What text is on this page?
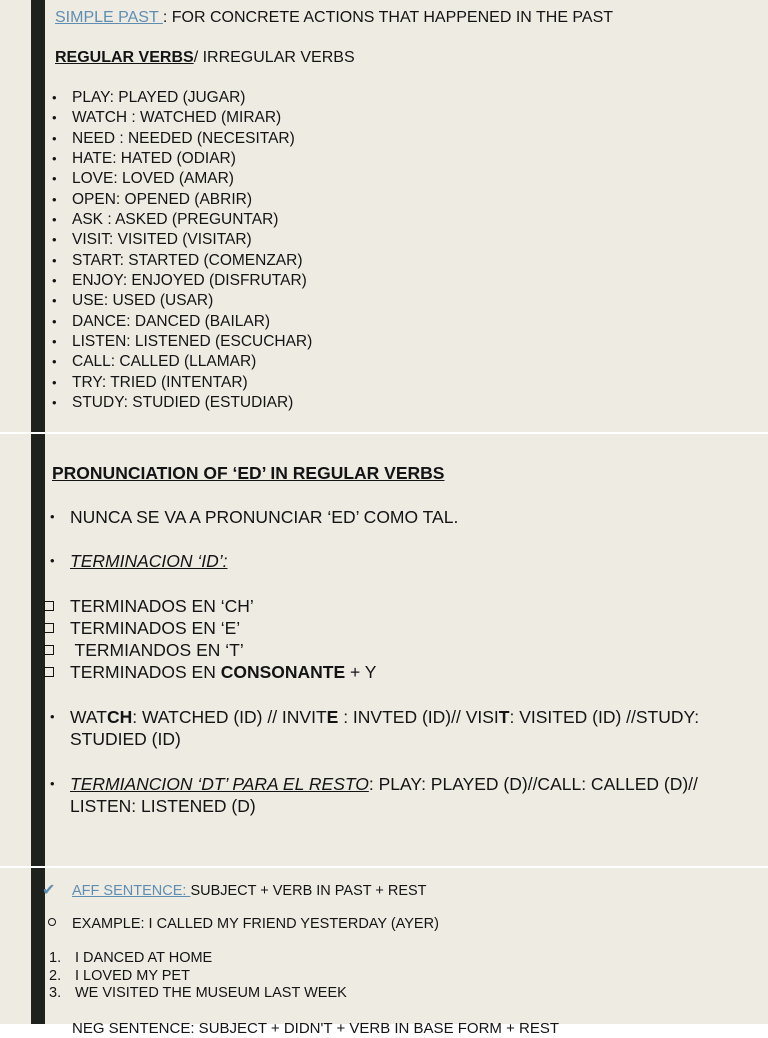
SIMPLE PAST : FOR CONCRETE ACTIONS THAT HAPPENED IN THE PAST
REGULAR VERBS/ IRREGULAR VERBS
• PLAY: PLAYED (JUGAR)
• WATCH : WATCHED (MIRAR)
• NEED : NEEDED (NECESITAR)
• HATE: HATED (ODIAR)
• LOVE: LOVED (AMAR)
• OPEN: OPENED (ABRIR)
• ASK : ASKED (PREGUNTAR)
• VISIT: VISITED (VISITAR)
• START: STARTED (COMENZAR)
• ENJOY: ENJOYED (DISFRUTAR)
• USE: USED (USAR)
• DANCE: DANCED (BAILAR)
• LISTEN: LISTENED (ESCUCHAR)
• CALL: CALLED (LLAMAR)
• TRY: TRIED (INTENTAR)
• STUDY: STUDIED (ESTUDIAR)
PRONUNCIATION OF ‘ED’ IN REGULAR VERBS
• NUNCA SE VA A PRONUNCIAR ‘ED’ COMO TAL.
• TERMINACION ‘ID’:
TERMINADOS EN ‘CH’
TERMINADOS EN ‘E’
TERMIANDOS EN ‘T’
TERMINADOS EN CONSONANTE + Y
• WATCH: WATCHED (ID) // INVITE : INVTED (ID)// VISIT: VISITED (ID) //STUDY: STUDIED (ID)
• TERMIANCION ‘DT’ PARA EL RESTO: PLAY: PLAYED (D)//CALL: CALLED (D)// LISTEN: LISTENED (D)
✔ AFF SENTENCE: SUBJECT + VERB IN PAST + REST
EXAMPLE: I CALLED MY FRIEND YESTERDAY (AYER)
1. I DANCED AT HOME
2. I LOVED MY PET
3. WE VISITED THE MUSEUM LAST WEEK
NEG SENTENCE: SUBJECT + DIDN'T + VERB IN BASE FORM + REST
